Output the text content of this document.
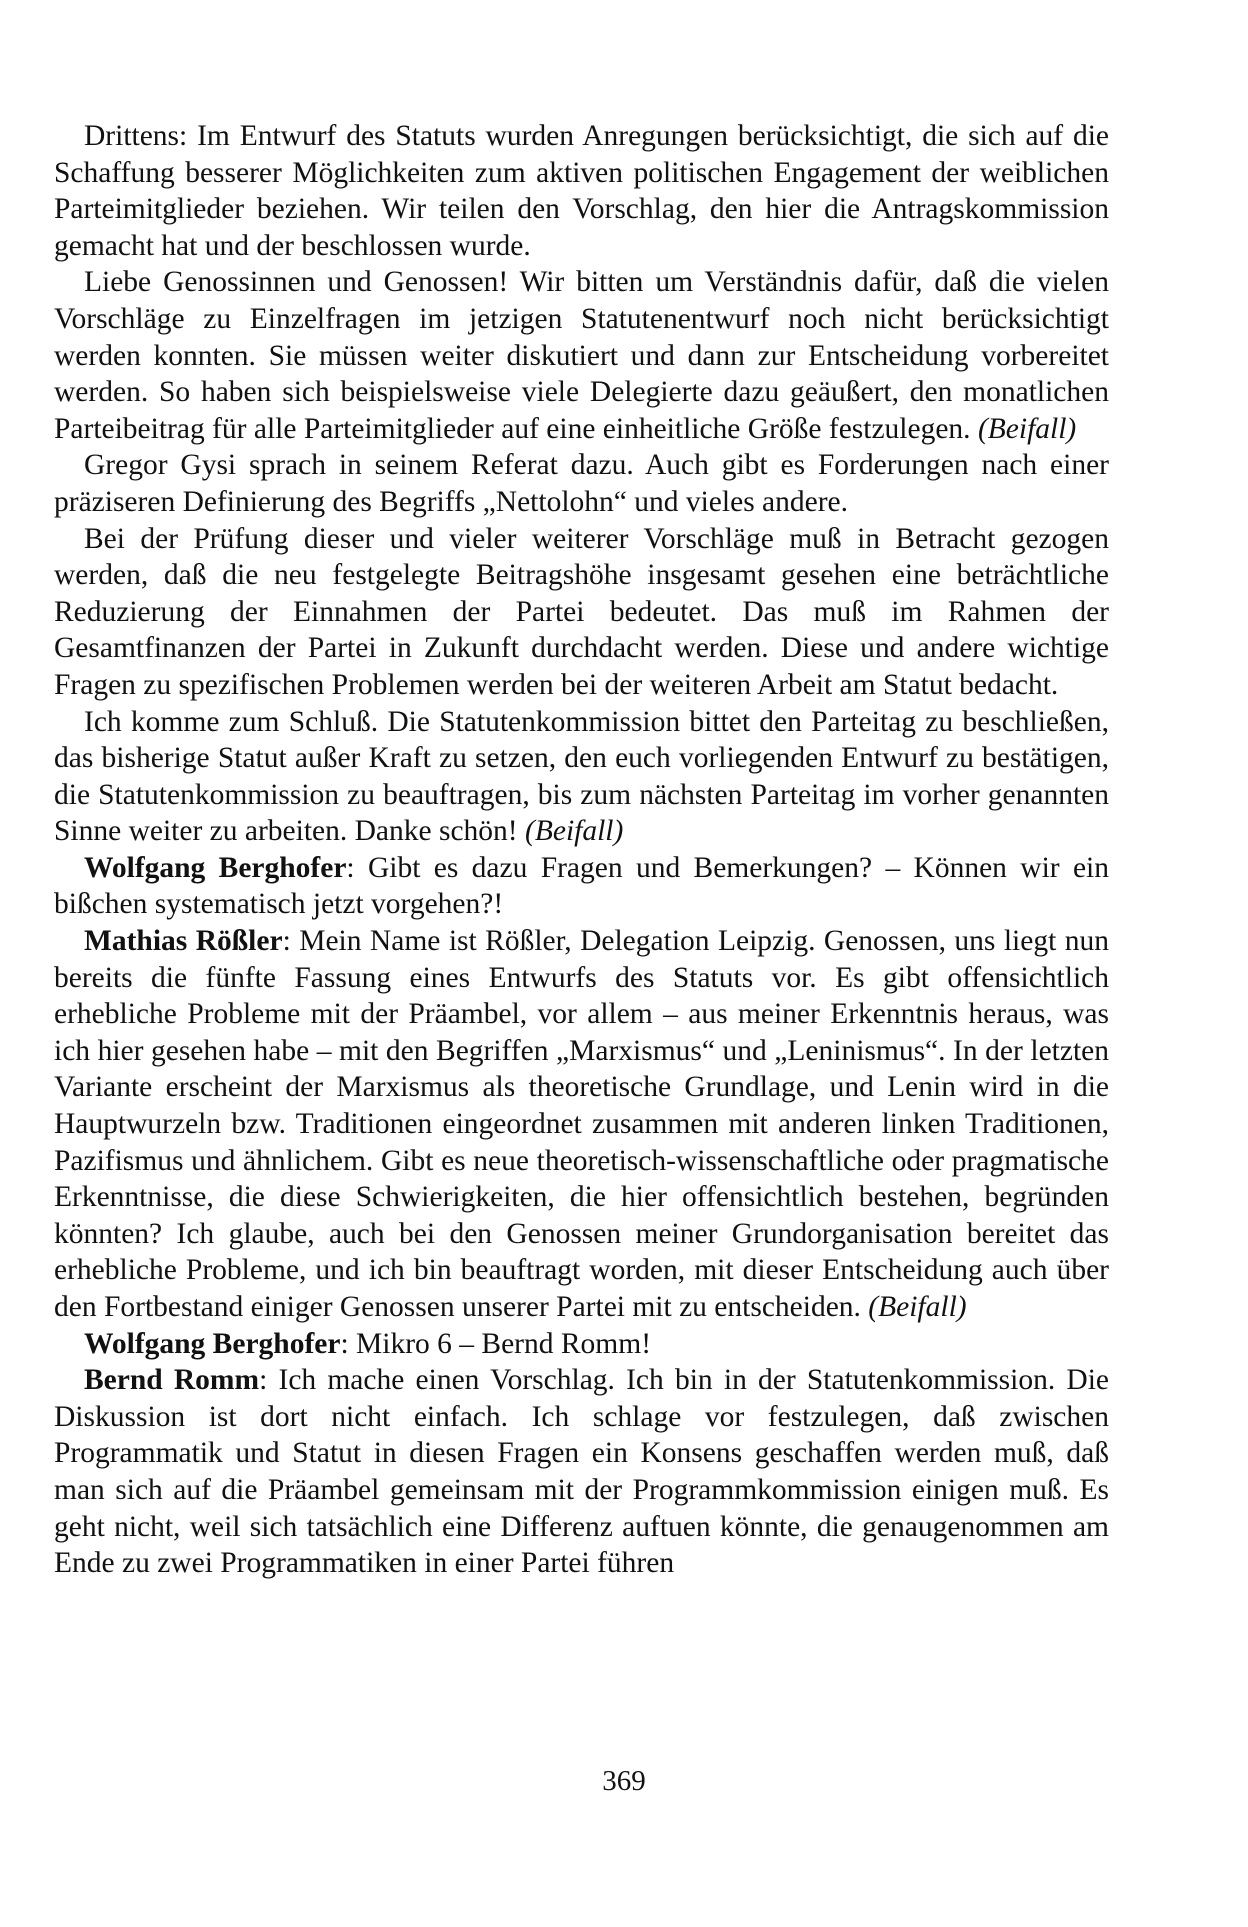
Drittens: Im Entwurf des Statuts wurden Anregungen berücksichtigt, die sich auf die Schaffung besserer Möglichkeiten zum aktiven politischen Engagement der weiblichen Parteimitglieder beziehen. Wir teilen den Vorschlag, den hier die Antragskommission gemacht hat und der beschlossen wurde.

Liebe Genossinnen und Genossen! Wir bitten um Verständnis dafür, daß die vielen Vorschläge zu Einzelfragen im jetzigen Statutenentwurf noch nicht berücksichtigt werden konnten. Sie müssen weiter diskutiert und dann zur Entscheidung vorbereitet werden. So haben sich beispielsweise viele Delegierte dazu geäußert, den monatlichen Parteibeitrag für alle Parteimitglieder auf eine einheitliche Größe festzulegen. (Beifall)

Gregor Gysi sprach in seinem Referat dazu. Auch gibt es Forderungen nach einer präziseren Definierung des Begriffs „Nettolohn“ und vieles andere.

Bei der Prüfung dieser und vieler weiterer Vorschläge muß in Betracht gezogen werden, daß die neu festgelegte Beitragshöhe insgesamt gesehen eine beträchtliche Reduzierung der Einnahmen der Partei bedeutet. Das muß im Rahmen der Gesamtfinanzen der Partei in Zukunft durchdacht werden. Diese und andere wichtige Fragen zu spezifischen Problemen werden bei der weiteren Arbeit am Statut bedacht.

Ich komme zum Schluß. Die Statutenkommission bittet den Parteitag zu beschließen, das bisherige Statut außer Kraft zu setzen, den euch vorliegenden Entwurf zu bestätigen, die Statutenkommission zu beauftragen, bis zum nächsten Parteitag im vorher genannten Sinne weiter zu arbeiten. Danke schön! (Beifall)

Wolfgang Berghofer: Gibt es dazu Fragen und Bemerkungen? – Können wir ein bißchen systematisch jetzt vorgehen?!

Mathias Rößler: Mein Name ist Rößler, Delegation Leipzig. Genossen, uns liegt nun bereits die fünfte Fassung eines Entwurfs des Statuts vor. Es gibt offensichtlich erhebliche Probleme mit der Präambel, vor allem – aus meiner Erkenntnis heraus, was ich hier gesehen habe – mit den Begriffen „Marxismus“ und „Leninismus“. In der letzten Variante erscheint der Marxismus als theoretische Grundlage, und Lenin wird in die Hauptwurzeln bzw. Traditionen eingeordnet zusammen mit anderen linken Traditionen, Pazifismus und ähnlichem. Gibt es neue theoretisch-wissenschaftliche oder pragmatische Erkenntnisse, die diese Schwierigkeiten, die hier offensichtlich bestehen, begründen könnten? Ich glaube, auch bei den Genossen meiner Grundorganisation bereitet das erhebliche Probleme, und ich bin beauftragt worden, mit dieser Entscheidung auch über den Fortbestand einiger Genossen unserer Partei mit zu entscheiden. (Beifall)

Wolfgang Berghofer: Mikro 6 – Bernd Romm!

Bernd Romm: Ich mache einen Vorschlag. Ich bin in der Statutenkommission. Die Diskussion ist dort nicht einfach. Ich schlage vor festzulegen, daß zwischen Programmatik und Statut in diesen Fragen ein Konsens geschaffen werden muß, daß man sich auf die Präambel gemeinsam mit der Programmkommission einigen muß. Es geht nicht, weil sich tatsächlich eine Differenz auftuen könnte, die genaugenommen am Ende zu zwei Programmatiken in einer Partei führen

369
